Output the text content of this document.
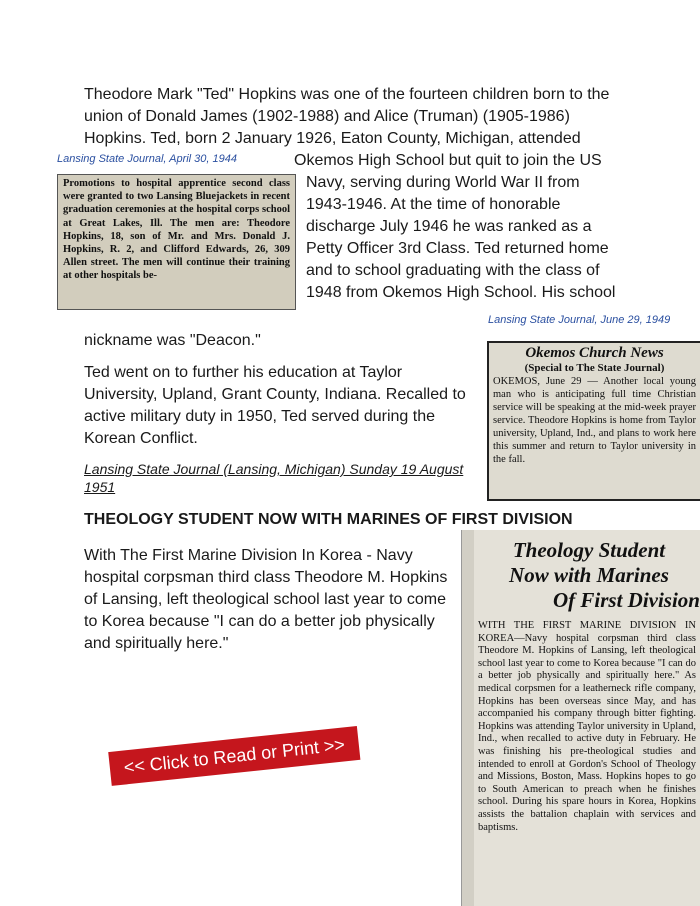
Theodore Mark "Ted" Hopkins was one of the fourteen children born to the

union of Donald James (1902-1988) and Alice (Truman) (1905-1986)

Hopkins. Ted, born 2 January 1926, Eaton County, Michigan, attended

Okemos High School but quit to join the US

Navy, serving during World War II from

1943-1946. At the time of honorable

discharge July 1946 he was ranked as a

Petty Officer 3rd Class. Ted returned home

and to school graduating with the class of

1948 from Okemos High School. His school

nickname was "Deacon."

Lansing State Journal, April 30, 1944

Promotions to hospital apprentice second class were granted to two Lansing Bluejackets in recent graduation ceremonies at the hospital corps school at Great Lakes, Ill. The men are: Theodore Hopkins, 18, son of Mr. and Mrs. Donald J. Hopkins, R. 2, and Clifford Edwards, 26, 309 Allen street. The men will continue their training at other hospitals be-

Lansing State Journal, June 29, 1949

Okemos Church News
(Special to The State Journal)
OKEMOS, June 29 — Another local young man who is anticipating full time Christian service will be speaking at the mid-week prayer service. Theodore Hopkins is home from Taylor university, Upland, Ind., and plans to work here this summer and return to Taylor university in the fall.

Ted went on to further his education at Taylor

University, Upland, Grant County, Indiana. Recalled to

active military duty in 1950, Ted served during the

Korean Conflict.

Lansing State Journal (Lansing, Michigan) Sunday 19 August 1951

THEOLOGY STUDENT NOW WITH MARINES OF FIRST DIVISION

With The First Marine Division In Korea - Navy

hospital corpsman third class Theodore M. Hopkins

of Lansing, left theological school last year to come

to Korea because "I can do a better job physically

and spiritually here."

Theology Student
Now with Marines
Of First Division
WITH THE FIRST MARINE DIVISION IN KOREA—Navy hospital corpsman third class Theodore M. Hopkins of Lansing, left theological school last year to come to Korea because "I can do a better job physically and spiritually here." As medical corpsmen for a leatherneck rifle company, Hopkins has been overseas since May, and has accompanied his company through bitter fighting. Hopkins was attending Taylor university in Upland, Ind., when recalled to active duty in February. He was finishing his pre-theological studies and intended to enroll at Gordon's School of Theology and Missions, Boston, Mass. Hopkins hopes to go to South American to preach when he finishes school. During his spare hours in Korea, Hopkins assists the battalion chaplain with services and baptisms.
<< Click to Read or Print >>
